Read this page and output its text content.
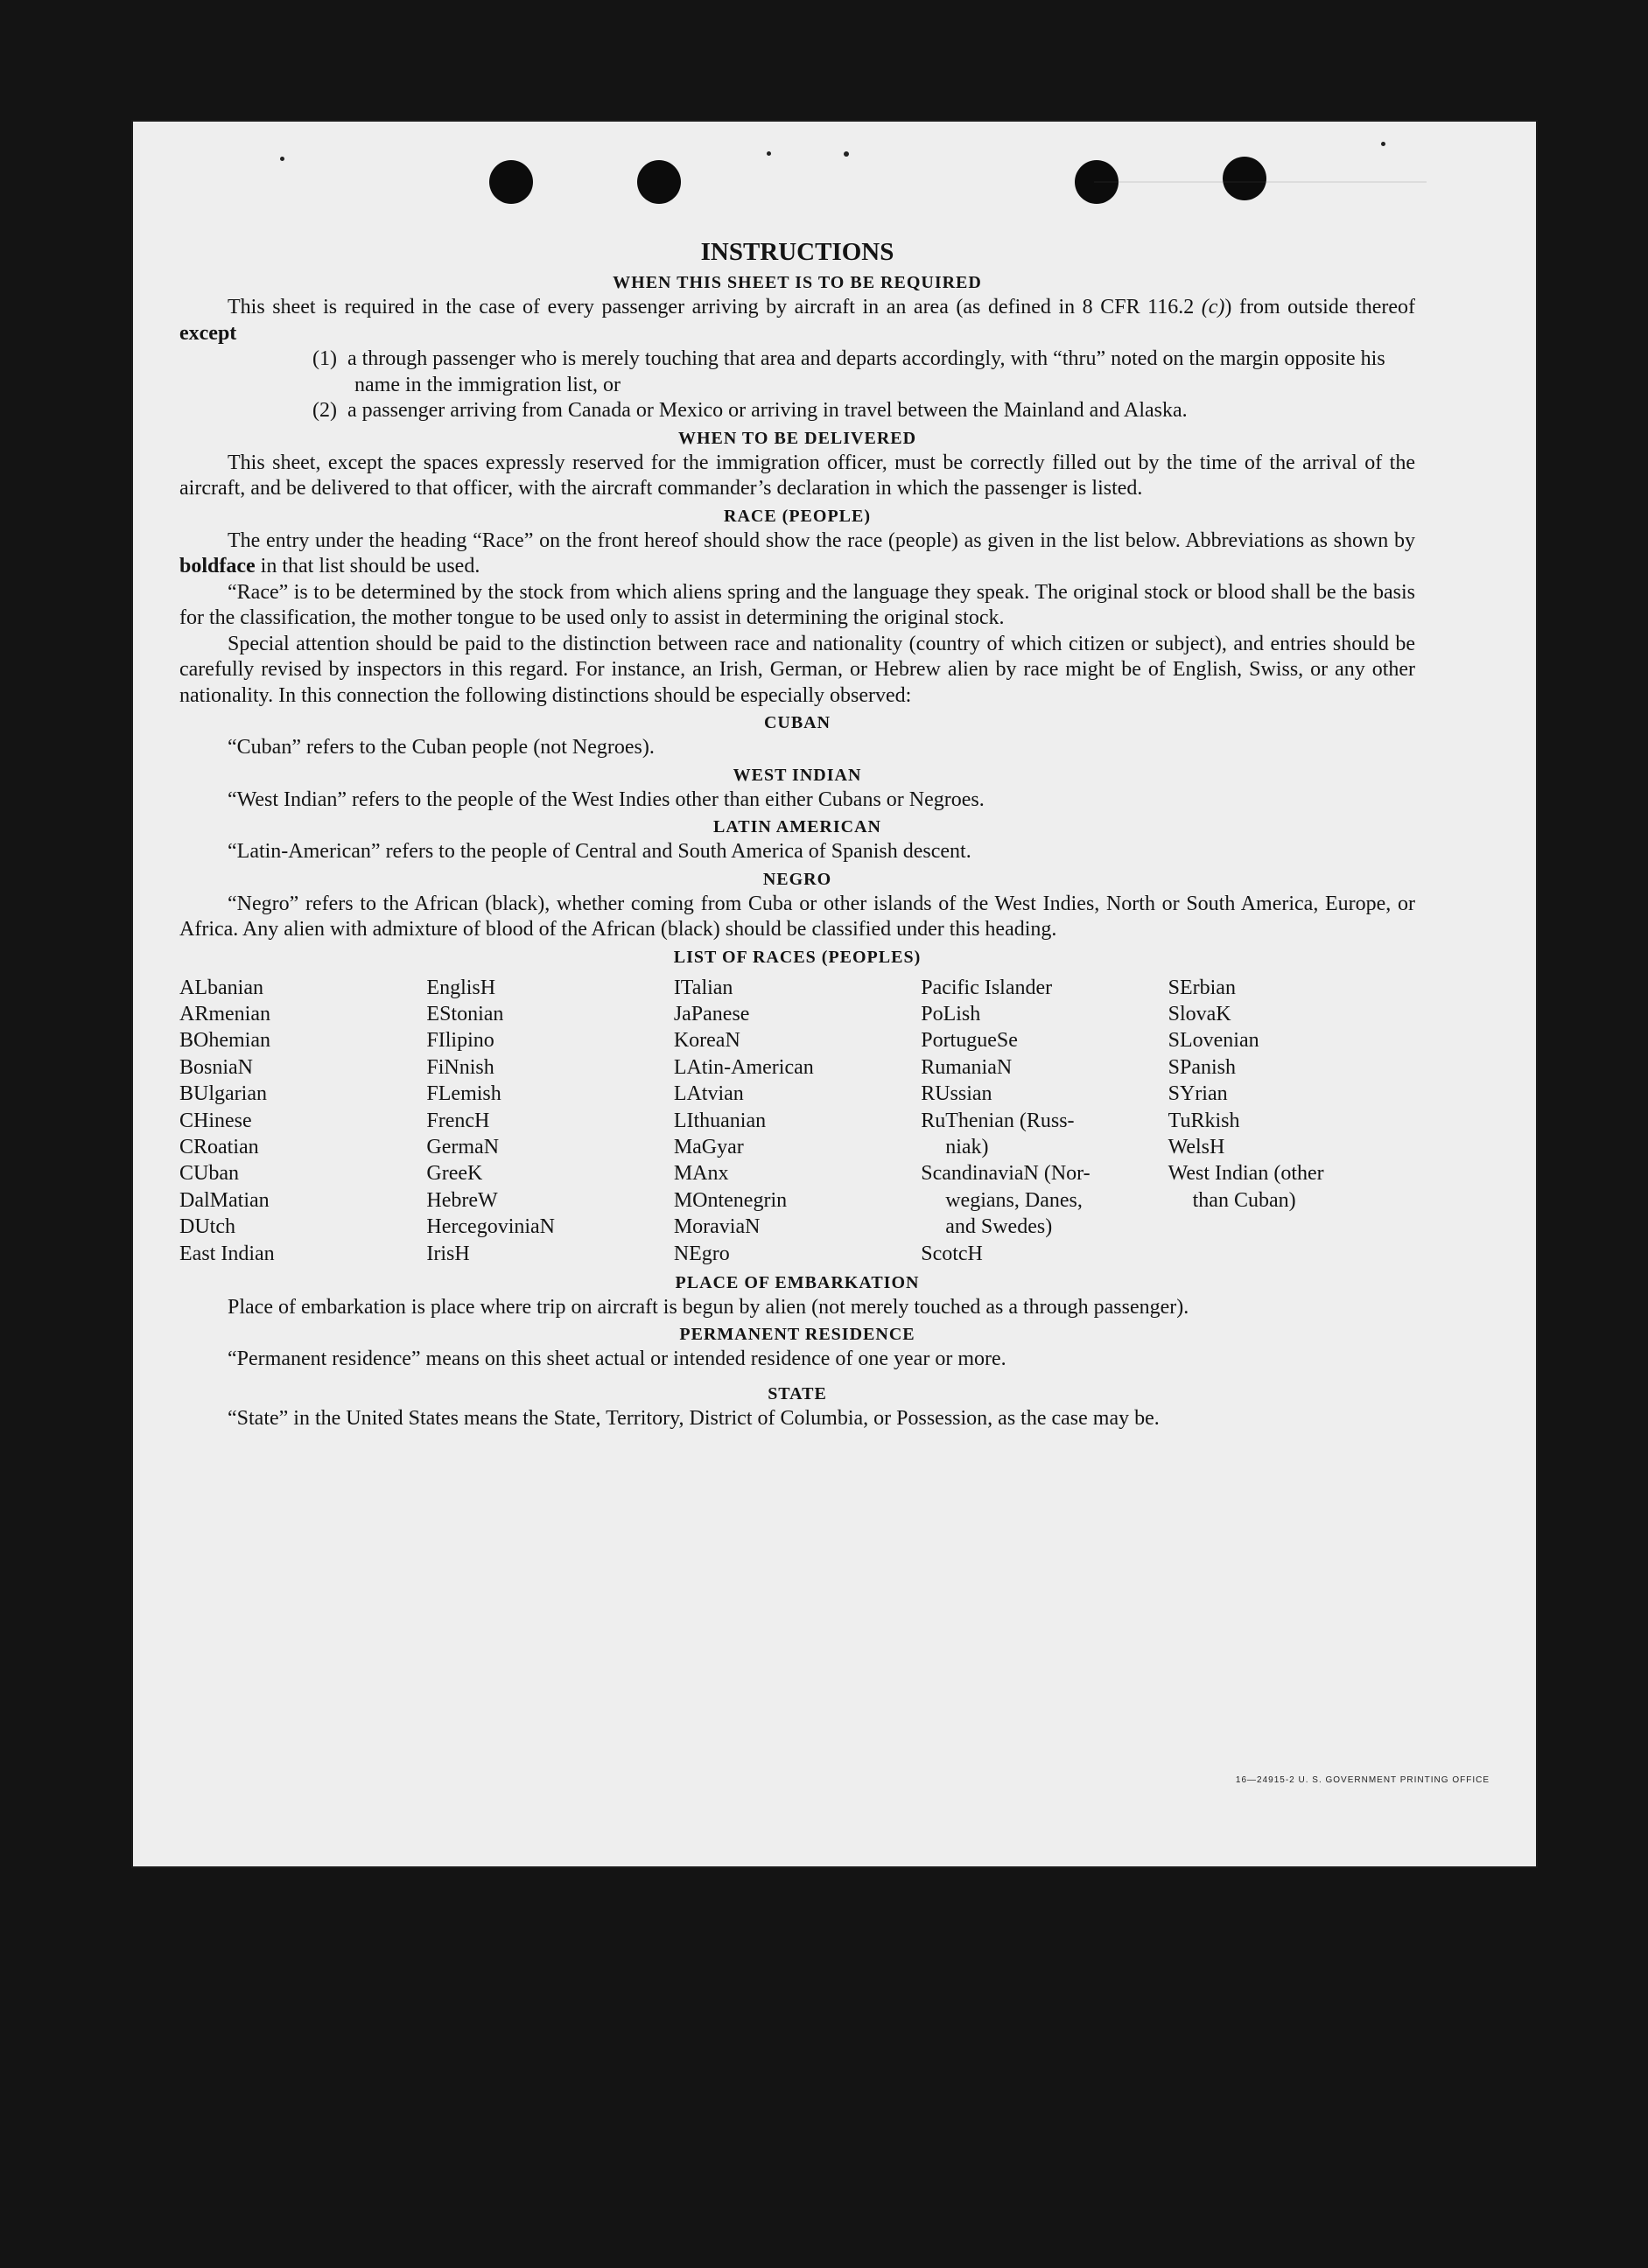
INSTRUCTIONS
WHEN THIS SHEET IS TO BE REQUIRED

This sheet is required in the case of every passenger arriving by aircraft in an area (as defined in 8 CFR 116.2 (c)) from outside thereof except

(1) a through passenger who is merely touching that area and departs accordingly, with “thru” noted on the margin opposite his name in the immigration list, or

(2) a passenger arriving from Canada or Mexico or arriving in travel between the Mainland and Alaska.

WHEN TO BE DELIVERED

This sheet, except the spaces expressly reserved for the immigration officer, must be correctly filled out by the time of the arrival of the aircraft, and be delivered to that officer, with the aircraft commander’s declaration in which the passenger is listed.

RACE (PEOPLE)

The entry under the heading “Race” on the front hereof should show the race (people) as given in the list below. Abbreviations as shown by boldface in that list should be used.

“Race” is to be determined by the stock from which aliens spring and the language they speak. The original stock or blood shall be the basis for the classification, the mother tongue to be used only to assist in determining the original stock.

Special attention should be paid to the distinction between race and nationality (country of which citizen or subject), and entries should be carefully revised by inspectors in this regard. For instance, an Irish, German, or Hebrew alien by race might be of English, Swiss, or any other nationality. In this connection the following distinctions should be especially observed:

CUBAN

“Cuban” refers to the Cuban people (not Negroes).

WEST INDIAN

“West Indian” refers to the people of the West Indies other than either Cubans or Negroes.

LATIN AMERICAN

“Latin-American” refers to the people of Central and South America of Spanish descent.

NEGRO

“Negro” refers to the African (black), whether coming from Cuba or other islands of the West Indies, North or South America, Europe, or Africa. Any alien with admixture of blood of the African (black) should be classified under this heading.

LIST OF RACES (PEOPLES)
ALbanian
ARmenian
BOhemian
BosniaN
BUlgarian
CHinese
CRoatian
CUban
DalMatian
DUtch
East Indian
EnglisH
EStonian
FIlipino
FiNnish
FLemish
FrencH
GermaN
GreeK
HebreW
HercegoviniaN
IrisH
ITalian
JaPanese
KoreaN
LAtin-American
LAtvian
LIthuanian
MaGyar
MAnx
MOntenegrin
MoraviaN
NEgro
Pacific Islander
PoLish
PortugueSe
RumaniaN
RUssian
RuThenian (Russ-
niak)
ScandinaviaN (Nor-
wegians, Danes,
and Swedes)
ScotcH
SErbian
SlovaK
SLovenian
SPanish
SYrian
TuRkish
WelsH
West Indian (other
than Cuban)
PLACE OF EMBARKATION

Place of embarkation is place where trip on aircraft is begun by alien (not merely touched as a through passenger).

PERMANENT RESIDENCE

“Permanent residence” means on this sheet actual or intended residence of one year or more.

STATE

“State” in the United States means the State, Territory, District of Columbia, or Possession, as the case may be.

16—24915-2 U. S. GOVERNMENT PRINTING OFFICE
